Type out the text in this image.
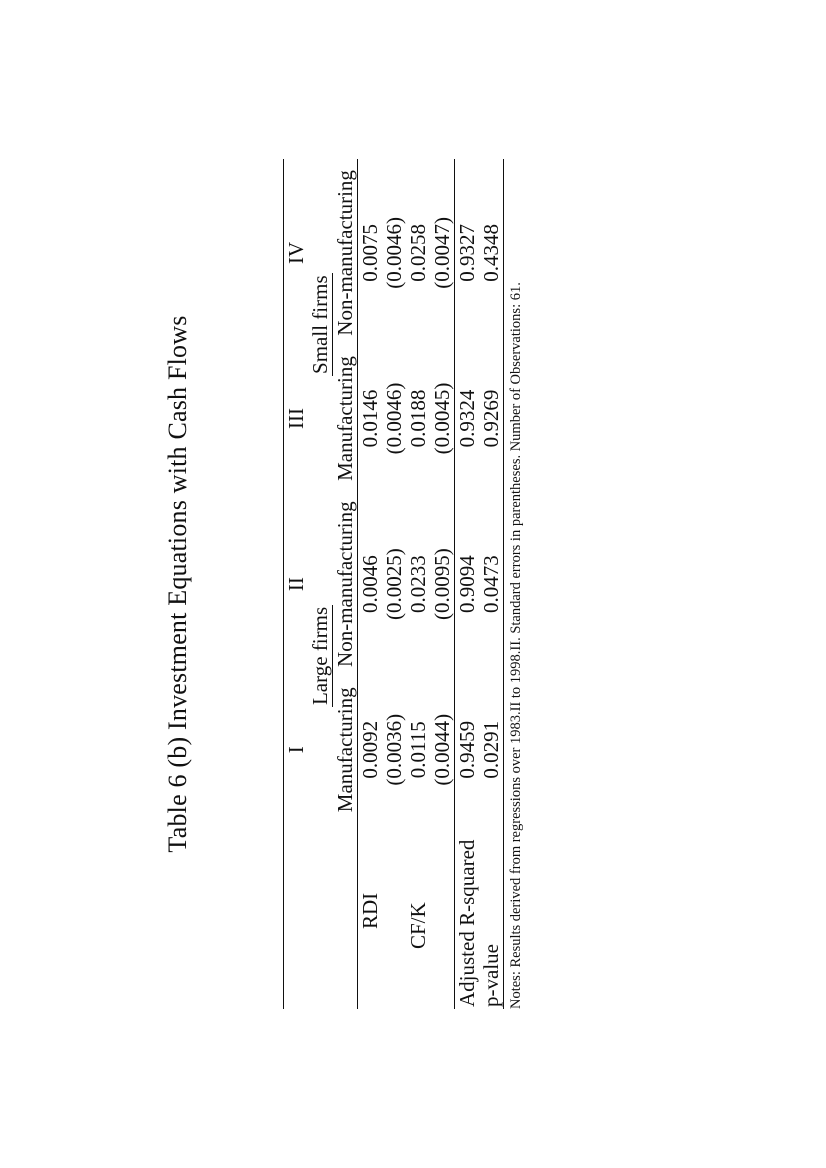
Table 6 (b) Investment Equations with Cash Flows
		I	II	III	IV
	Large firms		Small firms	
	Manufacturing	Non-manufacturing	Manufacturing	Non-manufacturing
RDI	0.0092	0.0046	0.0146	0.0075
	(0.0036)	(0.0025)	(0.0046)	(0.0046)
CF/K	0.0115	0.0233	0.0188	0.0258
	(0.0044)	(0.0095)	(0.0045)	(0.0047)
Adjusted R-squared	0.9459	0.9094	0.9324	0.9327
p-value	0.0291	0.0473	0.9269	0.4348
Notes: Results derived from regressions over 1983.II to 1998.II. Standard errors in parentheses. Number of Observations: 61.
